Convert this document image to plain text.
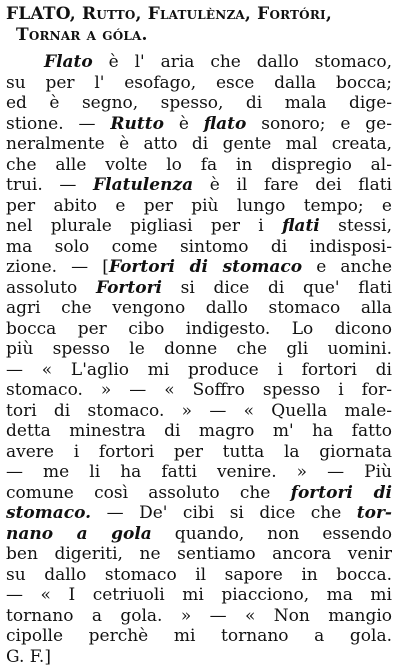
FLATO, Rutto, Flatulènza, Fortóri,
Tornar a góla.
Flato è l' aria che dallo stomaco,
su per l' esofago, esce dalla bocca;
ed è segno, spesso, di mala dige-
stione. — Rutto è flato sonoro; e ge-
neralmente è atto di gente mal creata,
che alle volte lo fa in dispregio al-
trui. — Flatulenza è il fare dei flati
per abito e per più lungo tempo; e
nel plurale pigliasi per i flati stessi,
ma solo come sintomo di indisposi-
zione. — [Fortori di stomaco e anche
assoluto Fortori si dice di que' flati
agri che vengono dallo stomaco alla
bocca per cibo indigesto. Lo dicono
più spesso le donne che gli uomini.
— « L'aglio mi produce i fortori di
stomaco. » — « Soffro spesso i for-
tori di stomaco. » — « Quella male-
detta minestra di magro m' ha fatto
avere i fortori per tutta la giornata
— me li ha fatti venire. » — Più
comune così assoluto che fortori di
stomaco. — De' cibi si dice che tor-
nano a gola quando, non essendo
ben digeriti, ne sentiamo ancora venir
su dallo stomaco il sapore in bocca.
— « I cetriuoli mi piacciono, ma mi
tornano a gola. » — « Non mangio
cipolle perchè mi tornano a gola.
G. F.]
